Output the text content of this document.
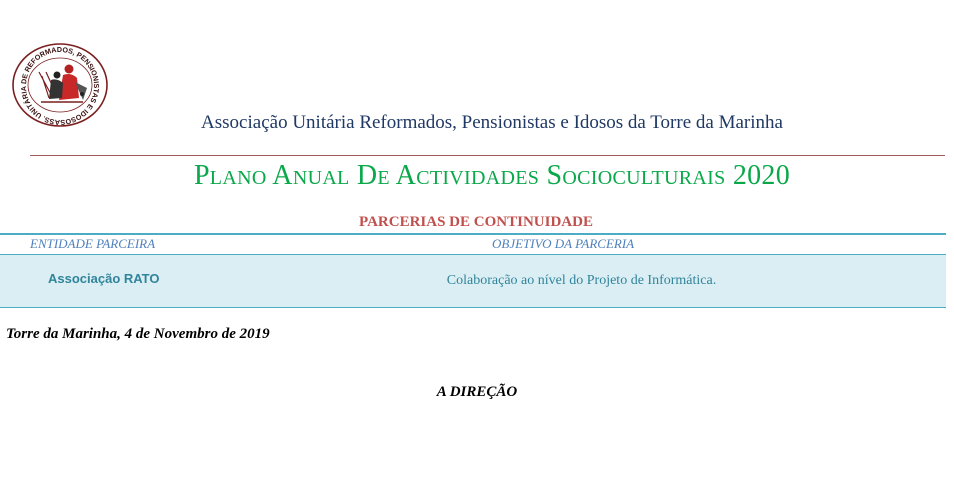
ASS. UNITÁRIA DE REFORMADOS, PENSIONISTAS E IDOSOS	Associação Unitária Reformados, Pensionistas e Idosos da Torre da Marinha
Plano Anual De Actividades Socioculturais 2020
PARCERIAS DE CONTINUIDADE
ENTIDADE PARCEIRA	OBJETIVO DA PARCERIA
Associação RATO	Colaboração ao nível do Projeto de Informática.
Torre da Marinha, 4 de Novembro de 2019
A DIREÇÃO
